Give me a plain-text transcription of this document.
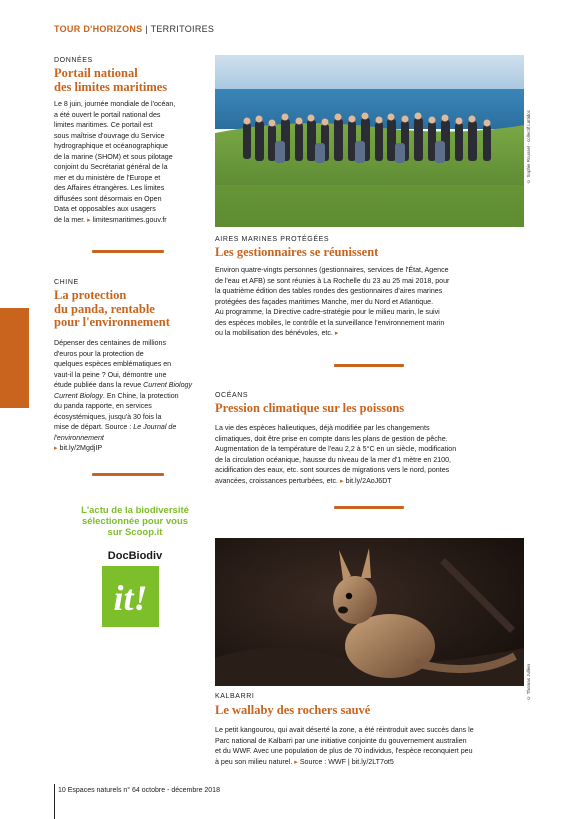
TOUR D'HORIZONS | TERRITOIRES
DONNÉES
Portail national
des limites maritimes
Le 8 juin, journée mondiale de l'océan,
a été ouvert le portail national des
limites maritimes. Ce portail est
sous maîtrise d'ouvrage du Service
hydrographique et océanographique
de la marine (SHOM) et sous pilotage
conjoint du Secrétariat général de la
mer et du ministère de l'Europe et
des Affaires étrangères. Les limites
diffusées sont désormais en Open
Data et opposables aux usagers
de la mer. ▸ limitesmaritimes.gouv.fr
CHINE
La protection
du panda, rentable
pour l'environnement
Dépenser des centaines de millions
d'euros pour la protection de
quelques espèces emblématiques en
vaut-il la peine ? Oui, démontre une
étude publiée dans la revue Current Biology
Current Biology. En Chine, la protection
du panda rapporte, en services
écosystémiques, jusqu'à 30 fois la
mise de départ. Source : Le Journal de l'environnement
▸ bit.ly/2MgdjIP
L'actu de la biodiversité
sélectionnée pour vous
sur Scoop.it
DocBiodiv
it!
© Sophie Roussel - collectif Lattidoc
AIRES MARINES PROTÉGÉES
Les gestionnaires se réunissent
Environ quatre-vingts personnes (gestionnaires, services de l'État, Agence
de l'eau et AFB) se sont réunies à La Rochelle du 23 au 25 mai 2018, pour
la quatrième édition des tables rondes des gestionnaires d'aires marines
protégées des façades maritimes Manche, mer du Nord et Atlantique.
Au programme, la Directive cadre-stratégie pour le milieu marin, le suivi
des espèces mobiles, le contrôle et la surveillance l'environnement marin
ou la mobilisation des bénévoles, etc. ▸
OCÉANS
Pression climatique sur les poissons
La vie des espèces halieutiques, déjà modifiée par les changements
climatiques, doit être prise en compte dans les plans de gestion de pêche.
Augmentation de la température de l'eau 2,2 à 5°C en un siècle, modification
de la circulation océanique, hausse du niveau de la mer d'1 mètre en 2100,
acidification des eaux, etc. sont sources de migrations vers le nord, pontes
avancées, croissances perturbées, etc. ▸ bit.ly/2AoJ6DT
© Thomas Jullien
KALBARRI
Le wallaby des rochers sauvé
Le petit kangourou, qui avait déserté la zone, a été réintroduit avec succès dans le
Parc national de Kalbarri par une initiative conjointe du gouvernement australien
et du WWF. Avec une population de plus de 70 individus, l'espèce reconquiert peu
à peu son milieu naturel. ▸ Source : WWF | bit.ly/2LT7ot5
10 Espaces naturels n° 64 octobre - décembre 2018
